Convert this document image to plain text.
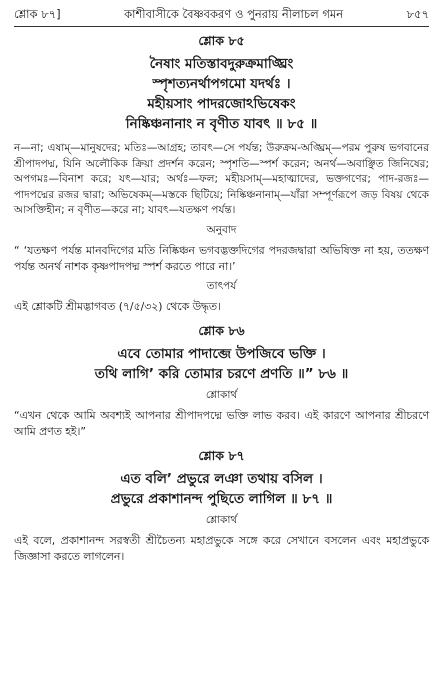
শ্লোক ৮৭]	কাশীবাসীকে বৈষ্ণবকরণ ও পুনরায় নীলাচল গমন	৮৫৭
শ্লোক ৮৫
নৈষাং মতিস্তাবদুরুক্রমাঙ্ঘ্রিং
স্পৃশত্যনর্থাপগমো যদর্থঃ ।
মহীয়সাং পাদরজোঽভিষেকং
নিষ্কিঞ্চনানাং ন বৃণীত যাবৎ ॥ ৮৫ ॥
ন—না; এষাম্—মানুষদের; মতিঃ—আগ্রহ; তাবৎ—সে পর্যন্ত; উরুক্রম-অঙ্ঘ্রিম্—পরম পুরুষ ভগবানের শ্রীপাদপদ্ম, যিনি অলৌকিক ক্রিয়া প্রদর্শন করেন; স্পৃশতি—স্পর্শ করেন; অনর্থ—অবাঞ্ছিত জিনিষের; অপগমঃ—বিনাশ করে; যৎ—যার; অর্থঃ—ফল; মহীয়সাম্—মহাত্মাদের, ভক্তগণের; পাদ-রজঃ—পাদপদ্মের রজর দ্বারা; অভিষেকম্—মস্তকে ছিটিয়ে; নিষ্কিঞ্চনানাম্—যাঁরা সম্পূর্ণরূপে জড় বিষয় থেকে আসক্তিহীন; ন বৃণীত—করে না; যাবৎ—যতক্ষণ পর্যন্ত।
অনুবাদ
“ ‘যতক্ষণ পর্যন্ত মানবদিগের মতি নিষ্কিঞ্চন ভগবদ্ভক্তদিগের পদরজদ্বারা অভিষিক্ত না হয়, ততক্ষণ পর্যন্ত অনর্থ নাশক কৃষ্ণপাদপদ্ম স্পর্শ করতে পারে না।’
তাৎপর্য
এই শ্লোকটি শ্রীমদ্ভাগবত (৭/৫/৩২) থেকে উদ্ধৃত।
শ্লোক ৮৬
এবে তোমার পাদাব্জে উপজিবে ভক্তি ।
তথি লাগি’ করি তোমার চরণে প্রণতি ॥” ৮৬ ॥
শ্লোকার্থ
“এখন থেকে আমি অবশ্যই আপনার শ্রীপাদপদ্মে ভক্তি লাভ করব। এই কারণে আপনার শ্রীচরণে আমি প্রণত হই।”
শ্লোক ৮৭
এত বলি’ প্রভুরে লঞা তথায় বসিল ।
প্রভুরে প্রকাশানন্দ পুছিতে লাগিল ॥ ৮৭ ॥
শ্লোকার্থ
এই বলে, প্রকাশানন্দ সরস্বতী শ্রীচৈতন্য মহাপ্রভুকে সঙ্গে করে সেখানে বসলেন এবং মহাপ্রভুকে জিজ্ঞাসা করতে লাগলেন।
